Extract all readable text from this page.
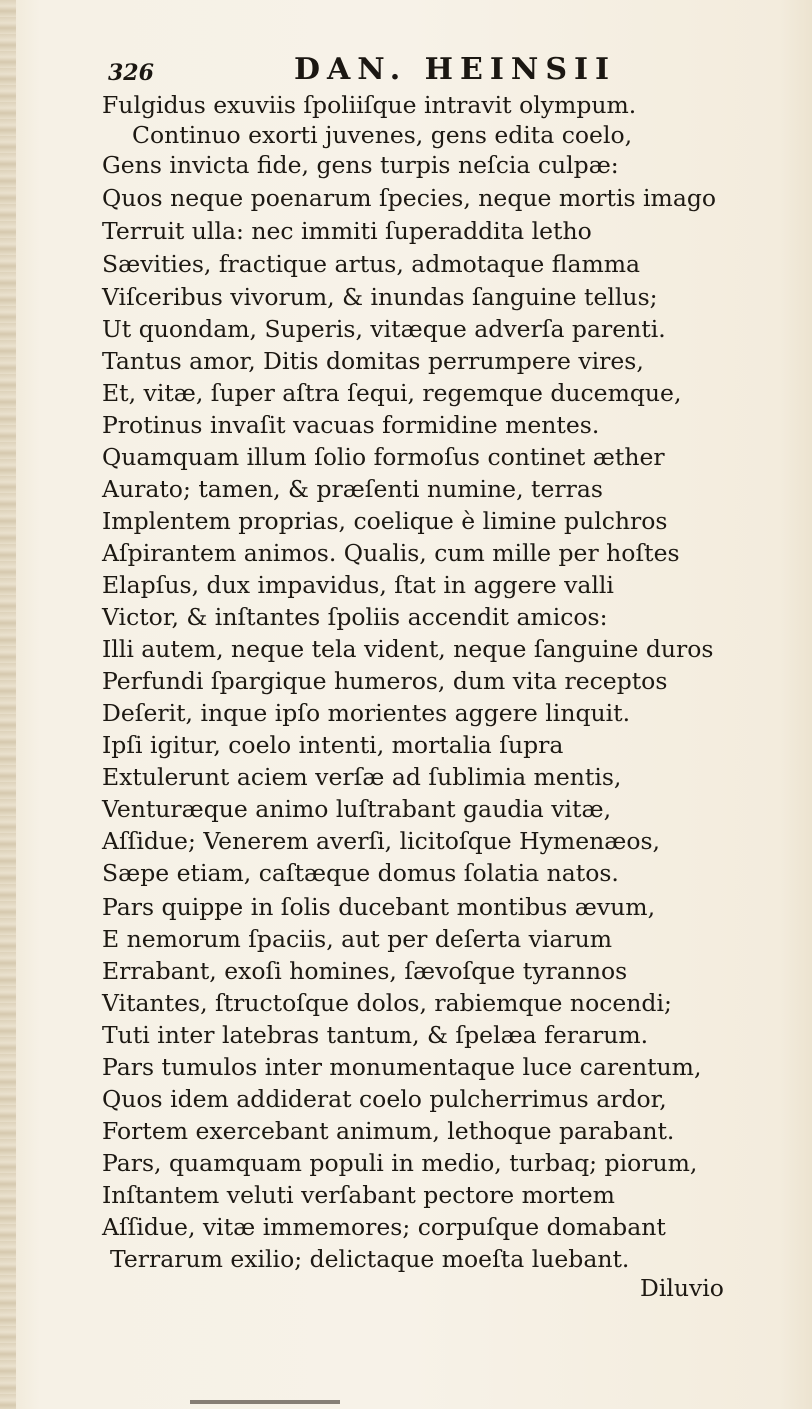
326	DAN. HEINSII
Fulgidus exuviis ſpoliiſque intravit olympum.
Continuo exorti juvenes, gens edita coelo,
Gens invicta fide, gens turpis neſcia culpæ:
Quos neque poenarum ſpecies, neque mortis imago
Terruit ulla: nec immiti ſuperaddita letho
Sævities, fractique artus, admotaque flamma
Viſceribus vivorum, & inundas ſanguine tellus;
Ut quondam, Superis, vitæque adverſa parenti.
Tantus amor, Ditis domitas perrumpere vires,
Et, vitæ, ſuper aſtra ſequi, regemque ducemque,
Protinus invaſit vacuas formidine mentes.
Quamquam illum ſolio formoſus continet æther
Aurato; tamen, & præſenti numine, terras
Implentem proprias, coelique è limine pulchros
Aſpirantem animos. Qualis, cum mille per hoſtes
Elapſus, dux impavidus, ſtat in aggere valli
Victor, & inſtantes ſpoliis accendit amicos:
Illi autem, neque tela vident, neque ſanguine duros
Perfundi ſpargique humeros, dum vita receptos
Deſerit, inque ipſo morientes aggere linquit.
Ipſi igitur, coelo intenti, mortalia ſupra
Extulerunt aciem verſæ ad ſublimia mentis,
Venturæque animo luſtrabant gaudia vitæ,
Aſſidue; Venerem averſi, licitoſque Hymenæos,
Sæpe etiam, caſtæque domus ſolatia natos.
Pars quippe in ſolis ducebant montibus ævum,
E nemorum ſpaciis, aut per deſerta viarum
Errabant, exoſi homines, ſævoſque tyrannos
Vitantes, ſtructoſque dolos, rabiemque nocendi;
Tuti inter latebras tantum, & ſpelæa ferarum.
Pars tumulos inter monumentaque luce carentum,
Quos idem addiderat coelo pulcherrimus ardor,
Fortem exercebant animum, lethoque parabant.
Pars, quamquam populi in medio, turbaq; piorum,
Inſtantem veluti verſabant pectore mortem
Aſſidue, vitæ immemores; corpuſque domabant
Terrarum exilio; delictaque moeſta luebant.
Diluvio
